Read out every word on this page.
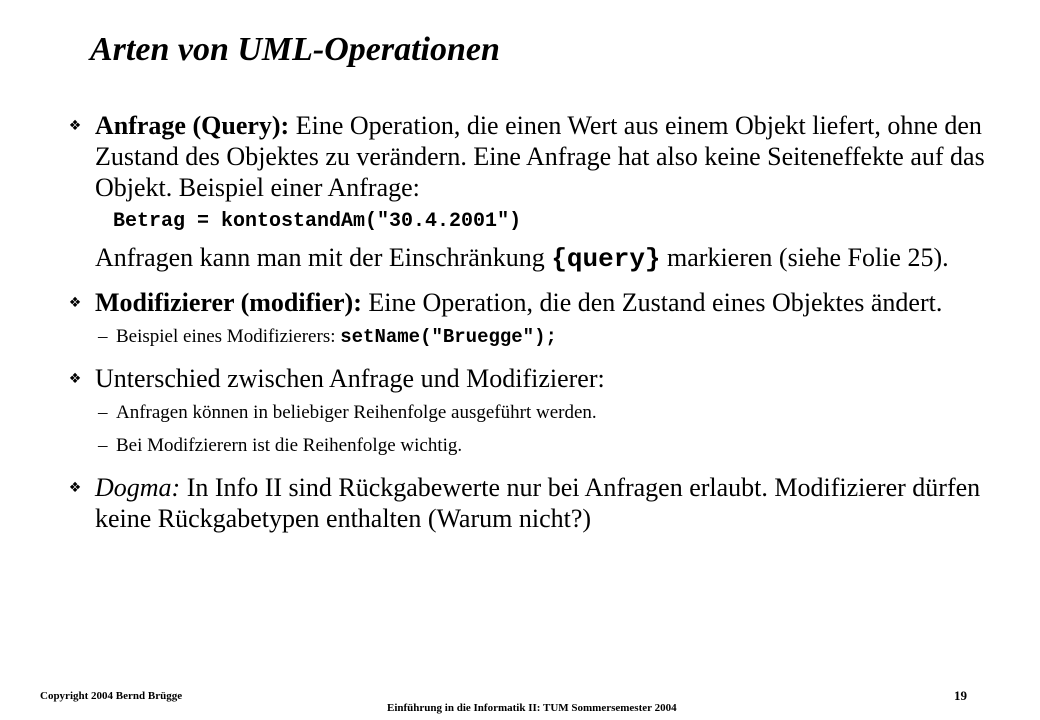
Arten von UML-Operationen
❖ Anfrage (Query): Eine Operation, die einen Wert aus einem Objekt liefert, ohne den Zustand des Objektes zu verändern. Eine Anfrage hat also keine Seiteneffekte auf das Objekt. Beispiel einer Anfrage:

Betrag = kontostandAm("30.4.2001")

Anfragen kann man mit der Einschränkung {query} markieren (siehe Folie 25).

❖ Modifizierer (modifier): Eine Operation, die den Zustand eines Objektes ändert.

– Beispiel eines Modifizierers: setName("Bruegge");
❖ Unterschied zwischen Anfrage und Modifizierer:

– Anfragen können in beliebiger Reihenfolge ausgeführt werden.
– Bei Modifzierern ist die Reihenfolge wichtig.
❖ Dogma: In Info II sind Rückgabewerte nur bei Anfragen erlaubt. Modifizierer dürfen keine Rückgabetypen enthalten (Warum nicht?)

Copyright 2004 Bernd Brügge
Einführung in die Informatik II: TUM Sommersemester 2004
19
